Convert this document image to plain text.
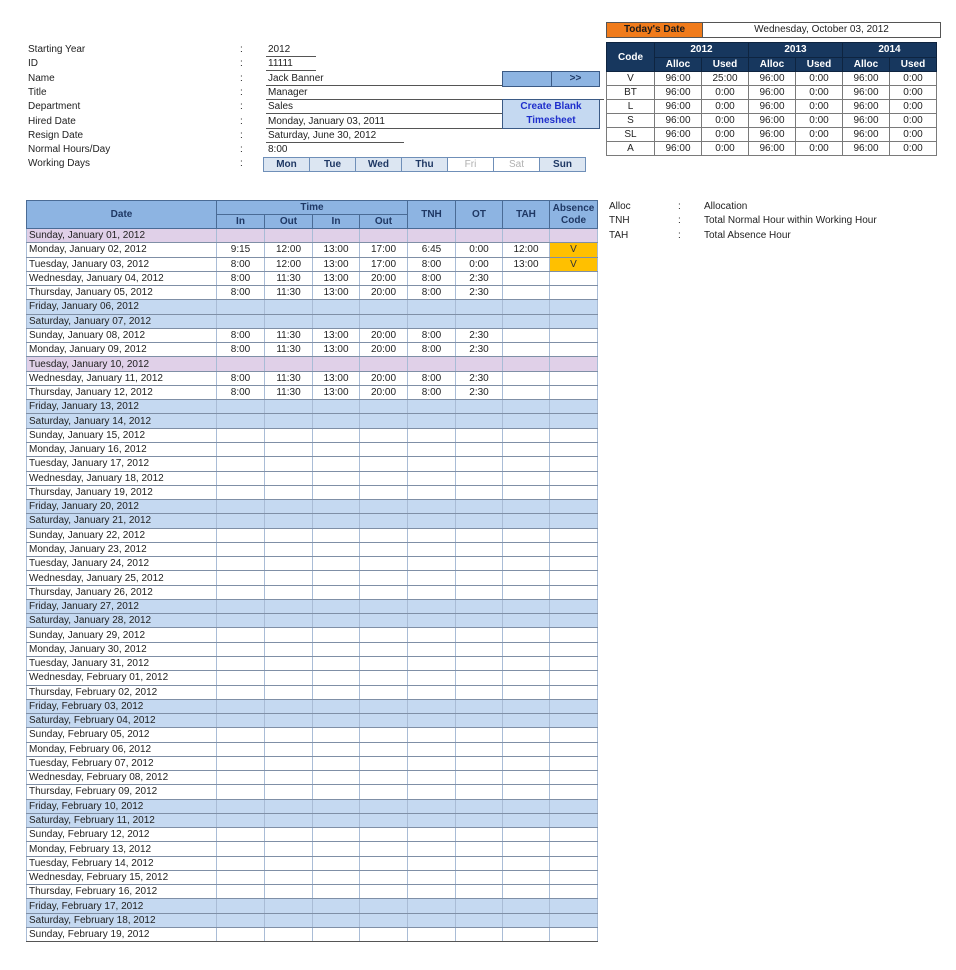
Starting Year	:	2012
ID	:	11111
Name	:	Jack Banner
Title	:	Manager
Department	:	Sales
Hired Date	:	Monday, January 03, 2011
Resign Date	:	Saturday, June 30, 2012
Normal Hours/Day	:	8:00
Working Days	:	Mon	Tue	Wed	Thu	Fri	Sat	Sun
>>
Create Blank
Timesheet
Today's Date	Wednesday, October 03, 2012
Code	2012		2013		2014	
	Alloc	Used	Alloc	Used	Alloc	Used
V	96:00	25:00	96:00	0:00	96:00	0:00
BT	96:00	0:00	96:00	0:00	96:00	0:00
L	96:00	0:00	96:00	0:00	96:00	0:00
S	96:00	0:00	96:00	0:00	96:00	0:00
SL	96:00	0:00	96:00	0:00	96:00	0:00
A	96:00	0:00	96:00	0:00	96:00	0:00
Alloc	: Allocation
TNH	: Total Normal Hour within Working Hour
TAH	: Total Absence Hour
Date	Time				TNH	OT	TAH	Absence
Code

	In	Out	In	Out				
Sunday, January 01, 2012								
Monday, January 02, 2012	9:15	12:00	13:00	17:00	6:45	0:00	12:00	V
Tuesday, January 03, 2012	8:00	12:00	13:00	17:00	8:00	0:00	13:00	V
Wednesday, January 04, 2012	8:00	11:30	13:00	20:00	8:00	2:30		
Thursday, January 05, 2012	8:00	11:30	13:00	20:00	8:00	2:30		
Friday, January 06, 2012								
Saturday, January 07, 2012								
Sunday, January 08, 2012	8:00	11:30	13:00	20:00	8:00	2:30		
Monday, January 09, 2012	8:00	11:30	13:00	20:00	8:00	2:30		
Tuesday, January 10, 2012								
Wednesday, January 11, 2012	8:00	11:30	13:00	20:00	8:00	2:30		
Thursday, January 12, 2012	8:00	11:30	13:00	20:00	8:00	2:30		
Friday, January 13, 2012								
Saturday, January 14, 2012								
Sunday, January 15, 2012								
Monday, January 16, 2012								
Tuesday, January 17, 2012								
Wednesday, January 18, 2012								
Thursday, January 19, 2012								
Friday, January 20, 2012								
Saturday, January 21, 2012								
Sunday, January 22, 2012								
Monday, January 23, 2012								
Tuesday, January 24, 2012								
Wednesday, January 25, 2012								
Thursday, January 26, 2012								
Friday, January 27, 2012								
Saturday, January 28, 2012								
Sunday, January 29, 2012								
Monday, January 30, 2012								
Tuesday, January 31, 2012								
Wednesday, February 01, 2012								
Thursday, February 02, 2012								
Friday, February 03, 2012								
Saturday, February 04, 2012								
Sunday, February 05, 2012								
Monday, February 06, 2012								
Tuesday, February 07, 2012								
Wednesday, February 08, 2012								
Thursday, February 09, 2012								
Friday, February 10, 2012								
Saturday, February 11, 2012								
Sunday, February 12, 2012								
Monday, February 13, 2012								
Tuesday, February 14, 2012								
Wednesday, February 15, 2012								
Thursday, February 16, 2012								
Friday, February 17, 2012								
Saturday, February 18, 2012								
Sunday, February 19, 2012								
